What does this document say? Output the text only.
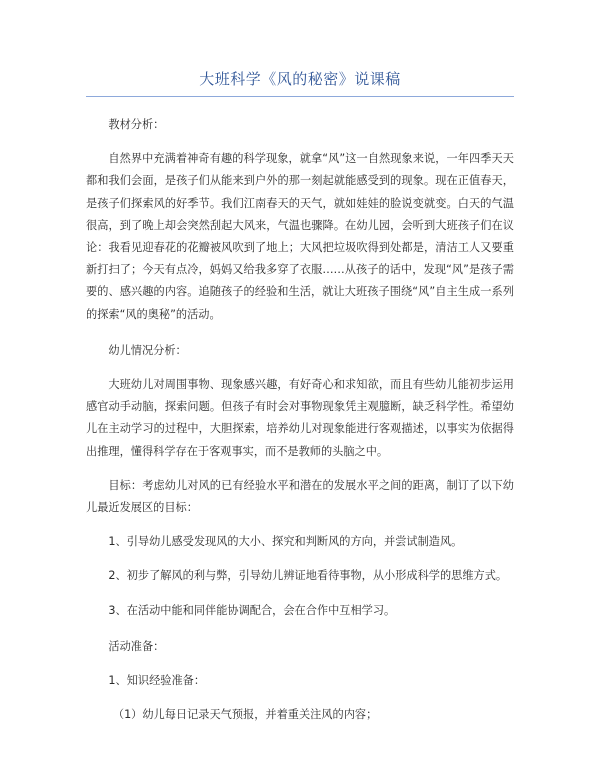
大班科学《风的秘密》说课稿

教材分析：

自然界中充满着神奇有趣的科学现象，就拿“风”这一自然现象来说，一年四季天天都和我们会面，是孩子们从能来到户外的那一刻起就能感受到的现象。现在正值春天，是孩子们探索风的好季节。我们江南春天的天气，就如娃娃的脸说变就变。白天的气温很高，到了晚上却会突然刮起大风来，气温也骤降。在幼儿园，会听到大班孩子们在议论：我看见迎春花的花瓣被风吹到了地上；大风把垃圾吹得到处都是，清洁工人又要重新打扫了；今天有点冷，妈妈又给我多穿了衣服……从孩子的话中，发现“风”是孩子需要的、感兴趣的内容。追随孩子的经验和生活，就让大班孩子围绕“风”自主生成一系列的探索“风的奥秘”的活动。

幼儿情况分析：

大班幼儿对周围事物、现象感兴趣，有好奇心和求知欲，而且有些幼儿能初步运用感官动手动脑，探索问题。但孩子有时会对事物现象凭主观臆断，缺乏科学性。希望幼儿在主动学习的过程中，大胆探索，培养幼儿对现象能进行客观描述，以事实为依据得出推理，懂得科学存在于客观事实，而不是教师的头脑之中。

目标：考虑幼儿对风的已有经验水平和潜在的发展水平之间的距离，制订了以下幼儿最近发展区的目标：

1、引导幼儿感受发现风的大小、探究和判断风的方向，并尝试制造风。

2、初步了解风的利与弊，引导幼儿辨证地看待事物，从小形成科学的思维方式。

3、在活动中能和同伴能协调配合，会在合作中互相学习。

活动准备：

1、知识经验准备：

（1）幼儿每日记录天气预报，并着重关注风的内容；
